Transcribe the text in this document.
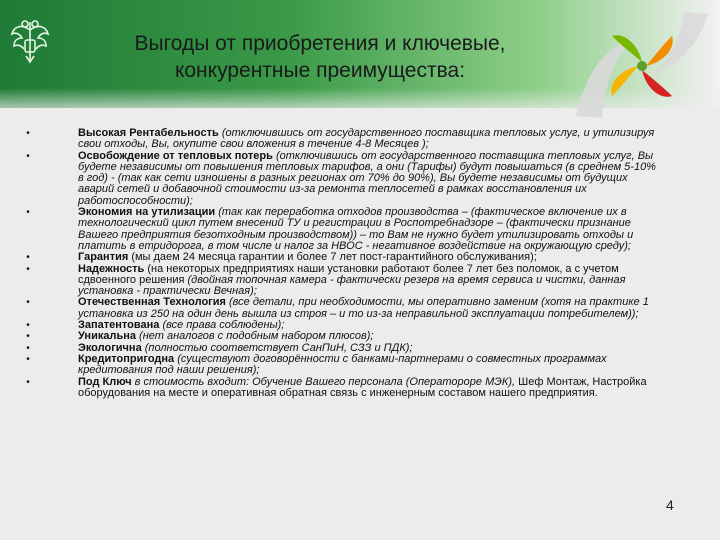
Выгоды от приобретения и ключевые,
конкурентные преимущества:
•	Высокая Рентабельность (отключившись от государственного поставщика тепловых услуг, и утилизируя свои отходы, Вы, окупите свои вложения в течение 4-8 Месяцев );
•	Освобождение от тепловых потерь (отключившись от государственного поставщика тепловых услуг, Вы будете независимы от повышения тепловых тарифов, а они (Тарифы) будут повышаться (в среднем 5-10% в год) - (так как сети изношены в разных регионах от 70% до 90%), Вы будете независимы от будущих аварий сетей и добавочной стоимости из-за ремонта теплосетей в рамках восстановления их работоспособности);
•	Экономия на утилизации (так как переработка отходов производства – (фактическое включение их в технологический цикл путем внесений ТУ и регистрации в Роспотребнадзоре – (фактически признание Вашего предприятия безотходным производством)) – то Вам не нужно будет утилизировать отходы и платить в етридорога, в том числе и налог за НВОС - негативное воздействие на окружающую среду);
•	Гарантия (мы даем 24 месяца гарантии и более 7 лет пост-гарантийного обслуживания);
•	Надежность (на некоторых предприятиях наши установки работают более 7 лет без поломок, а с учетом сдвоенного решения (двойная топочная камера - фактически резерв на время сервиса и чистки, данная установка - практически Вечная);
•	Отечественная Технология (все детали, при необходимости, мы оперативно заменим (хотя на практике 1 установка из 250 на один день вышла из строя – и то из-за неправильной эксплуатации потребителем));
•	Запатентована (все права соблюдены);
•	Уникальна (нет аналогов с подобным набором плюсов);
•	Экологична (полностью соответствует СанПиН, СЗЗ и ПДК);
•	Кредитопригодна (существуют договорённости с банками-партнерами о совместных программах кредитования под наши решения);
•	Под Ключ в стоимость входит: Обучение Вашего персонала (Оператороре МЭК), Шеф Монтаж, Настройка оборудования на месте и оперативная обратная связь с инженерным составом нашего предприятия.
4
